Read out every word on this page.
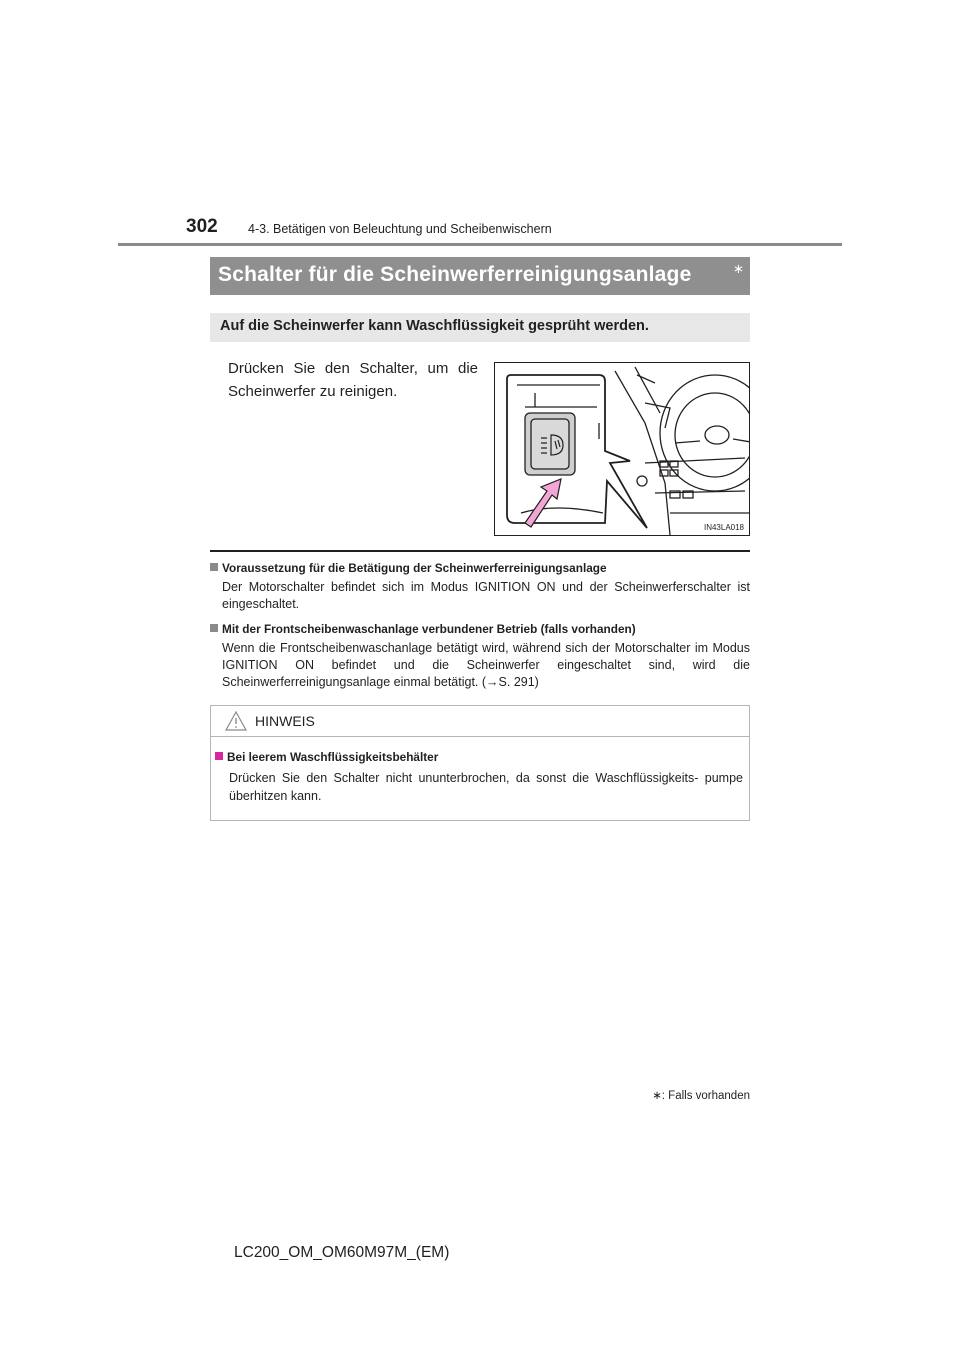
302 4-3. Betätigen von Beleuchtung und Scheibenwischern
Schalter für die Scheinwerferreinigungsanlage	∗
Auf die Scheinwerfer kann Waschflüssigkeit gesprüht werden.
Drücken Sie den Schalter, um die Scheinwerfer zu reinigen.
IN43LA018
Voraussetzung für die Betätigung der Scheinwerferreinigungsanlage
Der Motorschalter befindet sich im Modus IGNITION ON und der Scheinwerferschalter ist eingeschaltet.
Mit der Frontscheibenwaschanlage verbundener Betrieb (falls vorhanden)
Wenn die Frontscheibenwaschanlage betätigt wird, während sich der Motorschalter im Modus IGNITION ON befindet und die Scheinwerfer eingeschaltet sind, wird die Scheinwerferreinigungsanlage einmal betätigt. (→S. 291)
HINWEIS
Bei leerem Waschflüssigkeitsbehälter
Drücken Sie den Schalter nicht ununterbrochen, da sonst die Waschflüssigkeits- pumpe überhitzen kann.
∗: Falls vorhanden
LC200_OM_OM60M97M_(EM)
